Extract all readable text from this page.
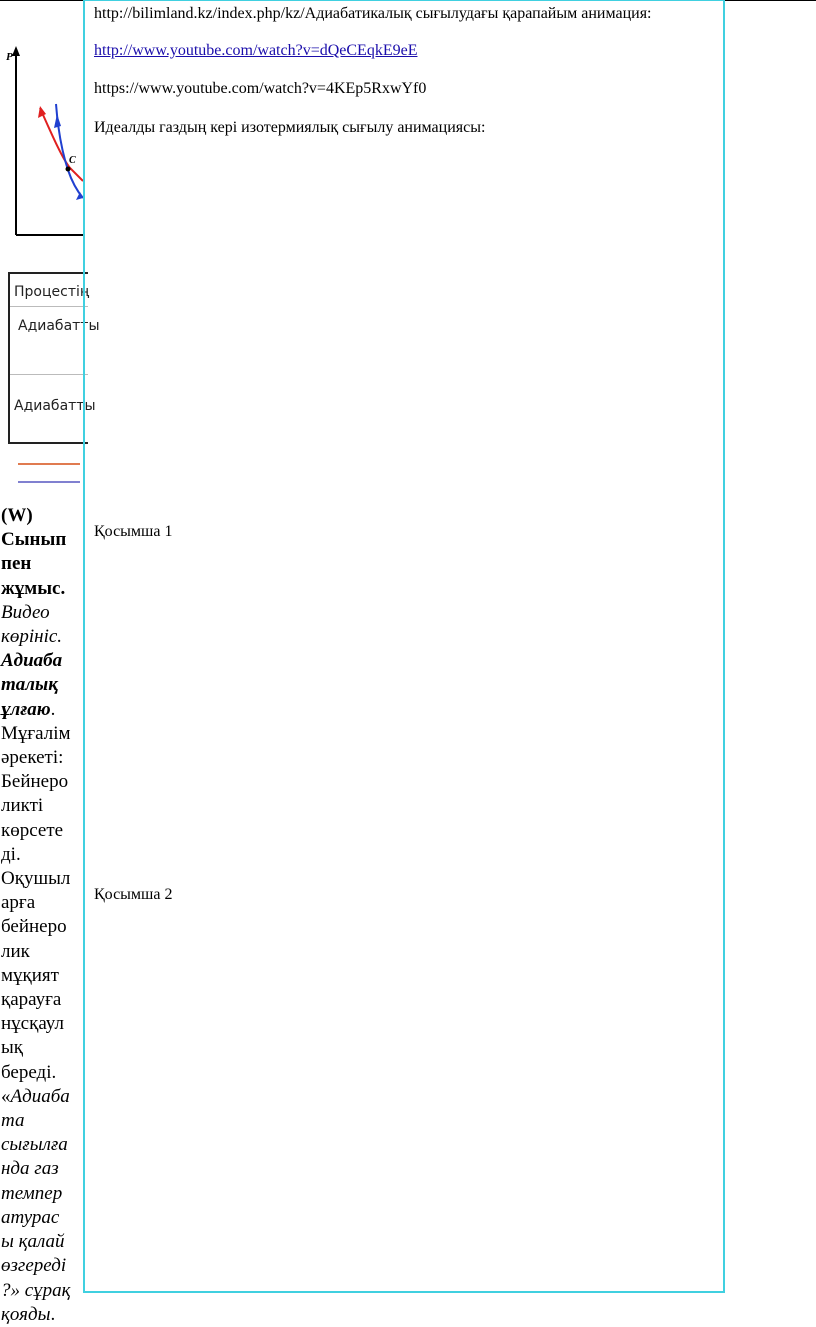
P
C
Процестің
Адиабатты
Адиабатты
(W)
Сынып
пен
жұмыс.
Видео
көрініс.
Адиаба
талық
ұлғаю.
Мұғалім
әрекеті:
Бейнеро
ликті
көрсете
ді.
Оқушыл
арға
бейнеро
лик
мұқият
қарауға
нұсқаул
ық
береді.
«Адиаба
та
сығылға
нда газ
темпер
атурас
ы қалай
өзгереді
?» сұрақ
қояды.
http://bilimland.kz/index.php/kz/Адиабатикалық сығылудағы қарапайым анимация:
http://www.youtube.com/watch?v=dQeCEqkE9eE
https://www.youtube.com/watch?v=4KEp5RxwYf0
Идеалды газдың кері изотермиялық сығылу анимациясы:
Қосымша 1
Қосымша 2
